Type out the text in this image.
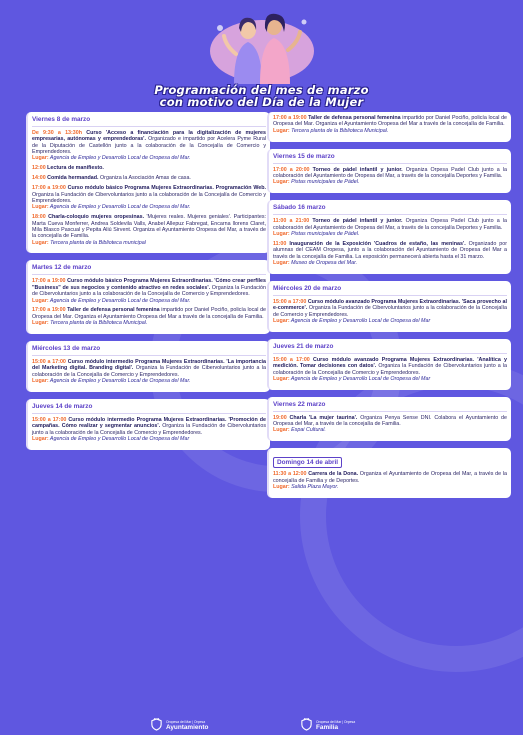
Programación del mes de marzo
con motivo del Día de la Mujer
Viernes 8 de marzo
De 9:30 a 13:30h Curso 'Acceso a financiación para la digitalización de mujeres empresarias, autónomas y emprendedoras'. Organizado e impartido por Acelera Pyme Rural de la Diputación de Castellón junto a la colaboración de la Concejalía de Comercio y Emprendedores.
Lugar: Agencia de Empleo y Desarrollo Local de Oropesa del Mar.
12:00 Lectura de manifiesto.
14:00 Comida hermandad. Organiza la Asociación Amas de casa.
17:00 a 19:00 Curso módulo básico Programa Mujeres Extraordinarias. Programación Web. Organiza la Fundación de Cibervoluntarios junto a la colaboración de la Concejalía de Comercio y Emprendedores.
Lugar: Agencia de Empleo y Desarrollo Local de Oropesa del Mar.
18:00 Charla-coloquio mujeres oropesinas. 'Mujeres reales. Mujeres geniales'. Participantes: Marta Cueva Monferrer, Andrea Soldevila Valls, Anabel Allepuz Fabregat, Encarna llorens Claret, Mila Blasco Pascual y Pepita Aliú Sirvent. Organiza el Ayuntamiento Oropesa del Mar, a través de la concejalía de Familia.
Lugar: Tercera planta de la Biblioteca municipal
Martes 12 de marzo
17:00 a 19:00 Curso módulo básico Programa Mujeres Extraordinarias. 'Cómo crear perfiles "Business" de sus negocios y contenido atractivo en redes sociales'. Organiza la Fundación de Cibervoluntarios junto a la colaboración de la Concejalía de Comercio y Emprendedores.
Lugar: Agencia de Empleo y Desarrollo Local de Oropesa del Mar.
17:00 a 19:00 Taller de defensa personal femenina impartido por Daniel Pociño, policía local de Oropesa del Mar. Organiza el Ayuntamiento Oropesa del Mar a través de la concejalía de Familia.
Lugar: Tercera planta de la Biblioteca Municipal.
Miércoles 13 de marzo
15:00 a 17:00 Curso módulo intermedio Programa Mujeres Extraordinarias. 'La importancia del Marketing digital. Branding digital'. Organiza la Fundación de Cibervoluntarios junto a la colaboración de la Concejalía de Comercio y Emprendedores.
Lugar: Agencia de Empleo y Desarrollo Local de Oropesa del Mar.
Jueves 14 de marzo
15:00 a 17:00 Curso módulo intermedio Programa Mujeres Extraordinarias. 'Promoción de campañas. Cómo realizar y segmentar anuncios'. Organiza la Fundación de Cibervoluntarios junto a la colaboración de la Concejalía de Comercio y Emprendedores.
Lugar: Agencia de Empleo y Desarrollo Local de Oropesa del Mar
17:00 a 19:00 Taller de defensa personal femenina impartido por Daniel Pociño, policía local de Oropesa del Mar. Organiza el Ayuntamiento Oropesa del Mar a través de la concejalía de Familia.
Lugar: Tercera planta de la Biblioteca Municipal.
Viernes 15 de marzo
17:00 a 20:00 Torneo de pádel infantil y junior. Organiza Orpesa Padel Club junto a la colaboración del Ayuntamiento de Oropesa del Mar, a través de la concejalía Deportes y Familia.
Lugar: Pistas municipales de Pádel.
Sábado 16 marzo
11:00 a 21:00 Torneo de pádel infantil y junior. Organiza Orpesa Padel Club junto a la colaboración del Ayuntamiento de Oropesa del Mar, a través de la concejalía Deportes y Familia.
Lugar: Pistas municipales de Pádel.
11:00 Inauguración de la Exposición 'Cuadros de estaño, las meninas'. Organizado por alumnas del CEAM Oropesa, junto a la colaboración del Ayuntamiento de Oropesa del Mar a través de la concejalía de Familia. La exposición permanecerá abierta hasta el 31 marzo.
Lugar: Museo de Oropesa del Mar.
Miércoles 20 de marzo
15:00 a 17:00 Curso módulo avanzado Programa Mujeres Extraordinarias. 'Saca provecho al e-commerce'. Organiza la Fundación de Cibervoluntarios junto a la colaboración de la Concejalía de Comercio y Emprendedores.
Lugar: Agencia de Empleo y Desarrollo Local de Oropesa del Mar
Jueves 21 de marzo
15:00 a 17:00 Curso módulo avanzado Programa Mujeres Extraordinarias. 'Analítica y medición. Tomar decisiones con datos'. Organiza la Fundación de Cibervoluntarios junto a la colaboración de la Concejalía de Comercio y Emprendedores.
Lugar: Agencia de Empleo y Desarrollo Local de Oropesa del Mar
Viernes 22 marzo
19:00 Charla 'La mujer taurina'. Organiza Penya Sense DNI. Colabora el Ayuntamiento de Oropesa del Mar, a través de la concejalía de Familia.
Lugar: Espai Cultural.
Domingo 14 de abril
11:30 a 12:00 Carrera de la Dona. Organiza el Ayuntamiento de Oropesa del Mar, a través de la concejalía de Familia y de Deportes.
Lugar: Salida Plaza Mayor.
Oropesa del Mar | Orpesa
Ayuntamiento
Oropesa del Mar | Orpesa
Familia
